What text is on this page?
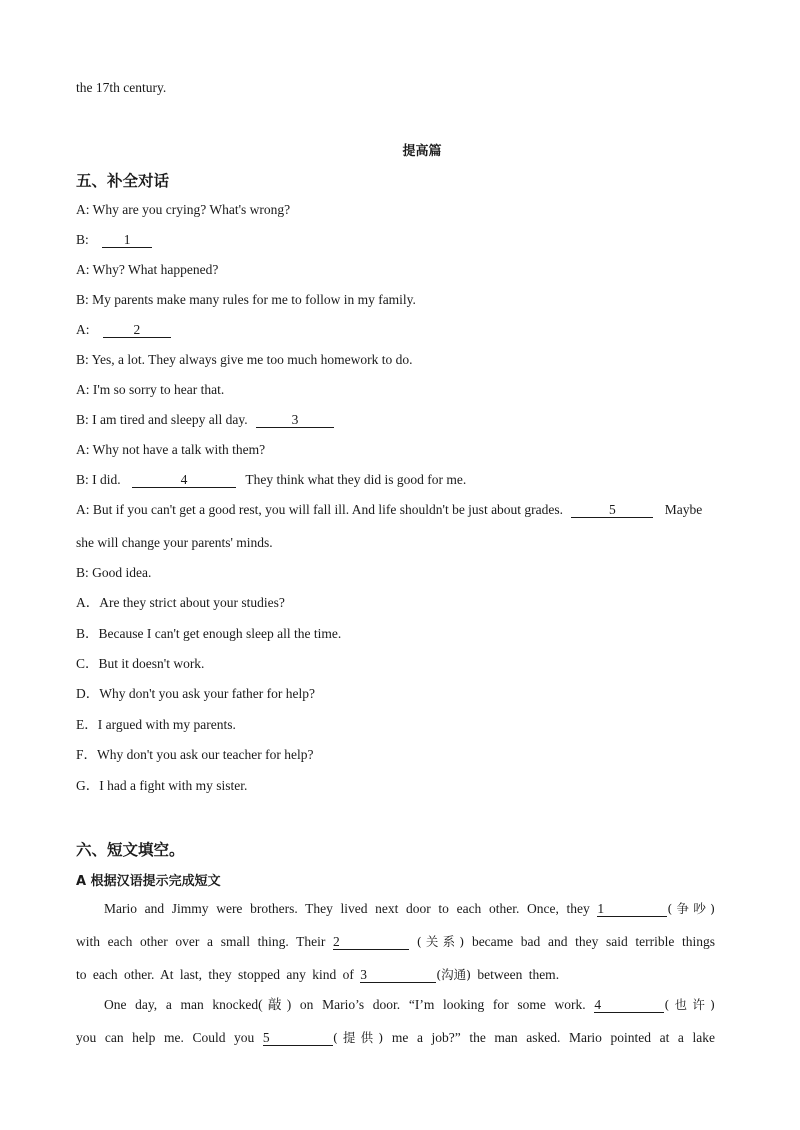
the 17th century.
提高篇
五、补全对话
A: Why are you crying? What's wrong?
B:	1
A: Why? What happened?
B: My parents make many rules for me to follow in my family.
A:	2
B: Yes, a lot. They always give me too much homework to do.
A: I'm so sorry to hear that.
B: I am tired and sleepy all day.	3
A: Why not have a talk with them?
B: I did.	4	They think what they did is good for me.
A: But if you can't get a good rest, you will fall ill. And life shouldn't be just about grades.	5	Maybe
she will change your parents' minds.
B: Good idea.
A．Are they strict about your studies?
B．Because I can't get enough sleep all the time.
C．But it doesn't work.
D．Why don't you ask your father for help?
E．I argued with my parents.
F．Why don't you ask our teacher for help?
G．I had a fight with my sister.
六、短文填空。
A 根据汉语提示完成短文
Mario and Jimmy were brothers. They lived next door to each other. Once, they 1	(争吵)
with each other over a small thing. Their 2	(关系) became bad and they said terrible things
to each other. At last, they stopped any kind of 3	(沟通) between them.
One day, a man knocked(敲) on Mario’s door. “I’m looking for some work. 4	(也许)
you can help me. Could you 5	(提供) me a job?” the man asked. Mario pointed at a lake
